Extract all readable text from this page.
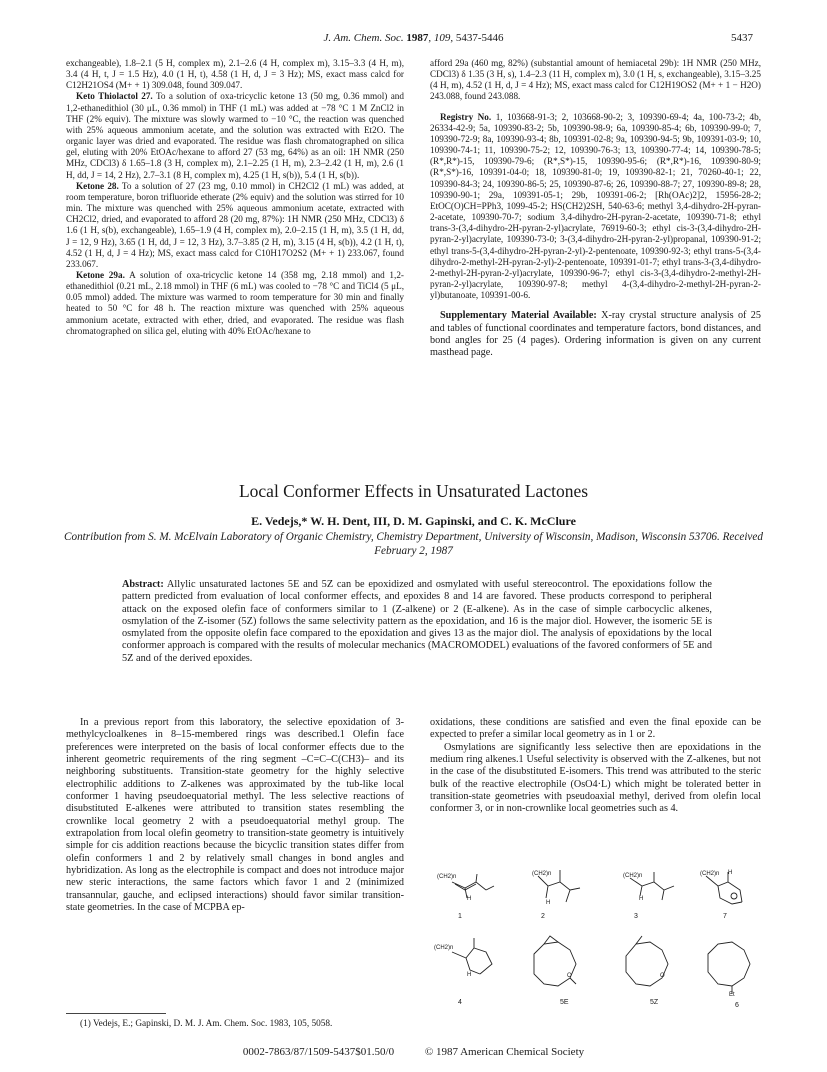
J. Am. Chem. Soc. 1987, 109, 5437-5446	5437

exchangeable), 1.8–2.1 (5 H, complex m), 2.1–2.6 (4 H, complex m), 3.15–3.3 (4 H, m), 3.4 (4 H, t, J = 1.5 Hz), 4.0 (1 H, t), 4.58 (1 H, d, J = 3 Hz); MS, exact mass calcd for C12H21OS4 (M+ + 1) 309.048, found 309.047.

Keto Thiolactol 27. To a solution of oxa-tricyclic ketone 13 (50 mg, 0.36 mmol) and 1,2-ethanedithiol (30 μL, 0.36 mmol) in THF (1 mL) was added at −78 °C 1 M ZnCl2 in THF (2% equiv). The mixture was slowly warmed to −10 °C, the reaction was quenched with 25% aqueous ammonium acetate, and the solution was extracted with Et2O. The organic layer was dried and evaporated. The residue was flash chromatographed on silica gel, eluting with 20% EtOAc/hexane to afford 27 (53 mg, 64%) as an oil: 1H NMR (250 MHz, CDCl3) δ 1.65–1.8 (3 H, complex m), 2.1–2.25 (1 H, m), 2.3–2.42 (1 H, m), 2.6 (1 H, dd, J = 14, 2 Hz), 2.7–3.1 (8 H, complex m), 4.25 (1 H, s(b)), 5.4 (1 H, s(b)).

Ketone 28. To a solution of 27 (23 mg, 0.10 mmol) in CH2Cl2 (1 mL) was added, at room temperature, boron trifluoride etherate (2% equiv) and the solution was stirred for 10 min. The mixture was quenched with 25% aqueous ammonium acetate, extracted with CH2Cl2, dried, and evaporated to afford 28 (20 mg, 87%): 1H NMR (250 MHz, CDCl3) δ 1.6 (1 H, s(b), exchangeable), 1.65–1.9 (4 H, complex m), 2.0–2.15 (1 H, m), 3.5 (1 H, dd, J = 12, 9 Hz), 3.65 (1 H, dd, J = 12, 3 Hz), 3.7–3.85 (2 H, m), 3.15 (4 H, s(b)), 4.2 (1 H, t), 4.52 (1 H, d, J = 4 Hz); MS, exact mass calcd for C10H17O2S2 (M+ + 1) 233.067, found 233.067.

Ketone 29a. A solution of oxa-tricyclic ketone 14 (358 mg, 2.18 mmol) and 1,2-ethanedithiol (0.21 mL, 2.18 mmol) in THF (6 mL) was cooled to −78 °C and TiCl4 (5 μL, 0.05 mmol) added. The mixture was warmed to room temperature for 30 min and finally heated to 50 °C for 48 h. The reaction mixture was quenched with 25% aqueous ammonium acetate, extracted with ether, dried, and evaporated. The residue was flash chromatographed on silica gel, eluting with 40% EtOAc/hexane to

afford 29a (460 mg, 82%) (substantial amount of hemiacetal 29b): 1H NMR (250 MHz, CDCl3) δ 1.35 (3 H, s), 1.4–2.3 (11 H, complex m), 3.0 (1 H, s, exchangeable), 3.15–3.25 (4 H, m), 4.52 (1 H, d, J = 4 Hz); MS, exact mass calcd for C12H19OS2 (M+ + 1 − H2O) 243.088, found 243.088.

Registry No. 1, 103668-91-3; 2, 103668-90-2; 3, 109390-69-4; 4a, 100-73-2; 4b, 26334-42-9; 5a, 109390-83-2; 5b, 109390-98-9; 6a, 109390-85-4; 6b, 109390-99-0; 7, 109390-72-9; 8a, 109390-93-4; 8b, 109391-02-8; 9a, 109390-94-5; 9b, 109391-03-9; 10, 109390-74-1; 11, 109390-75-2; 12, 109390-76-3; 13, 109390-77-4; 14, 109390-78-5; (R*,R*)-15, 109390-79-6; (R*,S*)-15, 109390-95-6; (R*,R*)-16, 109390-80-9; (R*,S*)-16, 109391-04-0; 18, 109390-81-0; 19, 109390-82-1; 21, 70260-40-1; 22, 109390-84-3; 24, 109390-86-5; 25, 109390-87-6; 26, 109390-88-7; 27, 109390-89-8; 28, 109390-90-1; 29a, 109391-05-1; 29b, 109391-06-2; [Rh(OAc)2]2, 15956-28-2; EtOC(O)CH=PPh3, 1099-45-2; HS(CH2)2SH, 540-63-6; methyl 3,4-dihydro-2H-pyran-2-acetate, 109390-70-7; sodium 3,4-dihydro-2H-pyran-2-acetate, 109390-71-8; ethyl trans-3-(3,4-dihydro-2H-pyran-2-yl)acrylate, 76919-60-3; ethyl cis-3-(3,4-dihydro-2H-pyran-2-yl)acrylate, 109390-73-0; 3-(3,4-dihydro-2H-pyran-2-yl)propanal, 109390-91-2; ethyl trans-5-(3,4-dihydro-2H-pyran-2-yl)-2-pentenoate, 109390-92-3; ethyl trans-5-(3,4-dihydro-2-methyl-2H-pyran-2-yl)-2-pentenoate, 109391-01-7; ethyl trans-3-(3,4-dihydro-2-methyl-2H-pyran-2-yl)acrylate, 109390-96-7; ethyl cis-3-(3,4-dihydro-2-methyl-2H-pyran-2-yl)acrylate, 109390-97-8; methyl 4-(3,4-dihydro-2-methyl-2H-pyran-2-yl)butanoate, 109391-00-6.

Supplementary Material Available: X-ray crystal structure analysis of 25 and tables of functional coordinates and temperature factors, bond distances, and bond angles for 25 (4 pages). Ordering information is given on any current masthead page.

Local Conformer Effects in Unsaturated Lactones
E. Vedejs,* W. H. Dent, III, D. M. Gapinski, and C. K. McClure
Contribution from S. M. McElvain Laboratory of Organic Chemistry, Chemistry Department, University of Wisconsin, Madison, Wisconsin 53706. Received February 2, 1987
Abstract: Allylic unsaturated lactones 5E and 5Z can be epoxidized and osmylated with useful stereocontrol. The epoxidations follow the pattern predicted from evaluation of local conformer effects, and epoxides 8 and 14 are favored. These products correspond to peripheral attack on the exposed olefin face of conformers similar to 1 (Z-alkene) or 2 (E-alkene). As in the case of simple carbocyclic alkenes, osmylation of the Z-isomer (5Z) follows the same selectivity pattern as the epoxidation, and 16 is the major diol. However, the isomeric 5E is osmylated from the opposite olefin face compared to the epoxidation and gives 13 as the major diol. The analysis of epoxidations by the local conformer approach is compared with the results of molecular mechanics (MACROMODEL) evaluations of the favored conformers of 5E and 5Z and of the derived epoxides.

In a previous report from this laboratory, the selective epoxidation of 3-methylcycloalkenes in 8–15-membered rings was described.1 Olefin face preferences were interpreted on the basis of local conformer effects due to the inherent geometric requirements of the ring segment –C=C–C(CH3)– and its neighboring substituents. Transition-state geometry for the highly selective electrophilic additions to Z-alkenes was approximated by the tub-like local conformer 1 having pseudoequatorial methyl. The less selective reactions of disubstituted E-alkenes were attributed to transition states resembling the crownlike local geometry 2 with a pseudoequatorial methyl group. The extrapolation from local olefin geometry to transition-state geometry is intuitively simple for cis addition reactions because the bicyclic transition states differ from olefin conformers 1 and 2 by relatively small changes in bond angles and hybridization. As long as the electrophile is compact and does not introduce major new steric interactions, the same factors which favor 1 and 2 (minimized transannular, gauche, and eclipsed interactions) should favor similar transition-state geometries. In the case of MCPBA ep-

oxidations, these conditions are satisfied and even the final epoxide can be expected to prefer a similar local geometry as in 1 or 2.

Osmylations are significantly less selective then are epoxidations in the medium ring alkenes.1 Useful selectivity is observed with the Z-alkenes, but not in the case of the disubstituted E-isomers. This trend was attributed to the steric bulk of the reactive electrophile (OsO4·L) which might be tolerated better in transition-state geometries with pseudoaxial methyl, derived from olefin local conformer 3, or in non-crownlike local geometries such as 4.

(CH2)n	(CH2)n	(CH2)n	(CH2)n
(CH2)n
H
H
H
H
H	O	O
Et
1	2	3	7
4	5E	5Z	6
(1) Vedejs, E.; Gapinski, D. M. J. Am. Chem. Soc. 1983, 105, 5058.
0002-7863/87/1509-5437$01.50/0	© 1987 American Chemical Society
